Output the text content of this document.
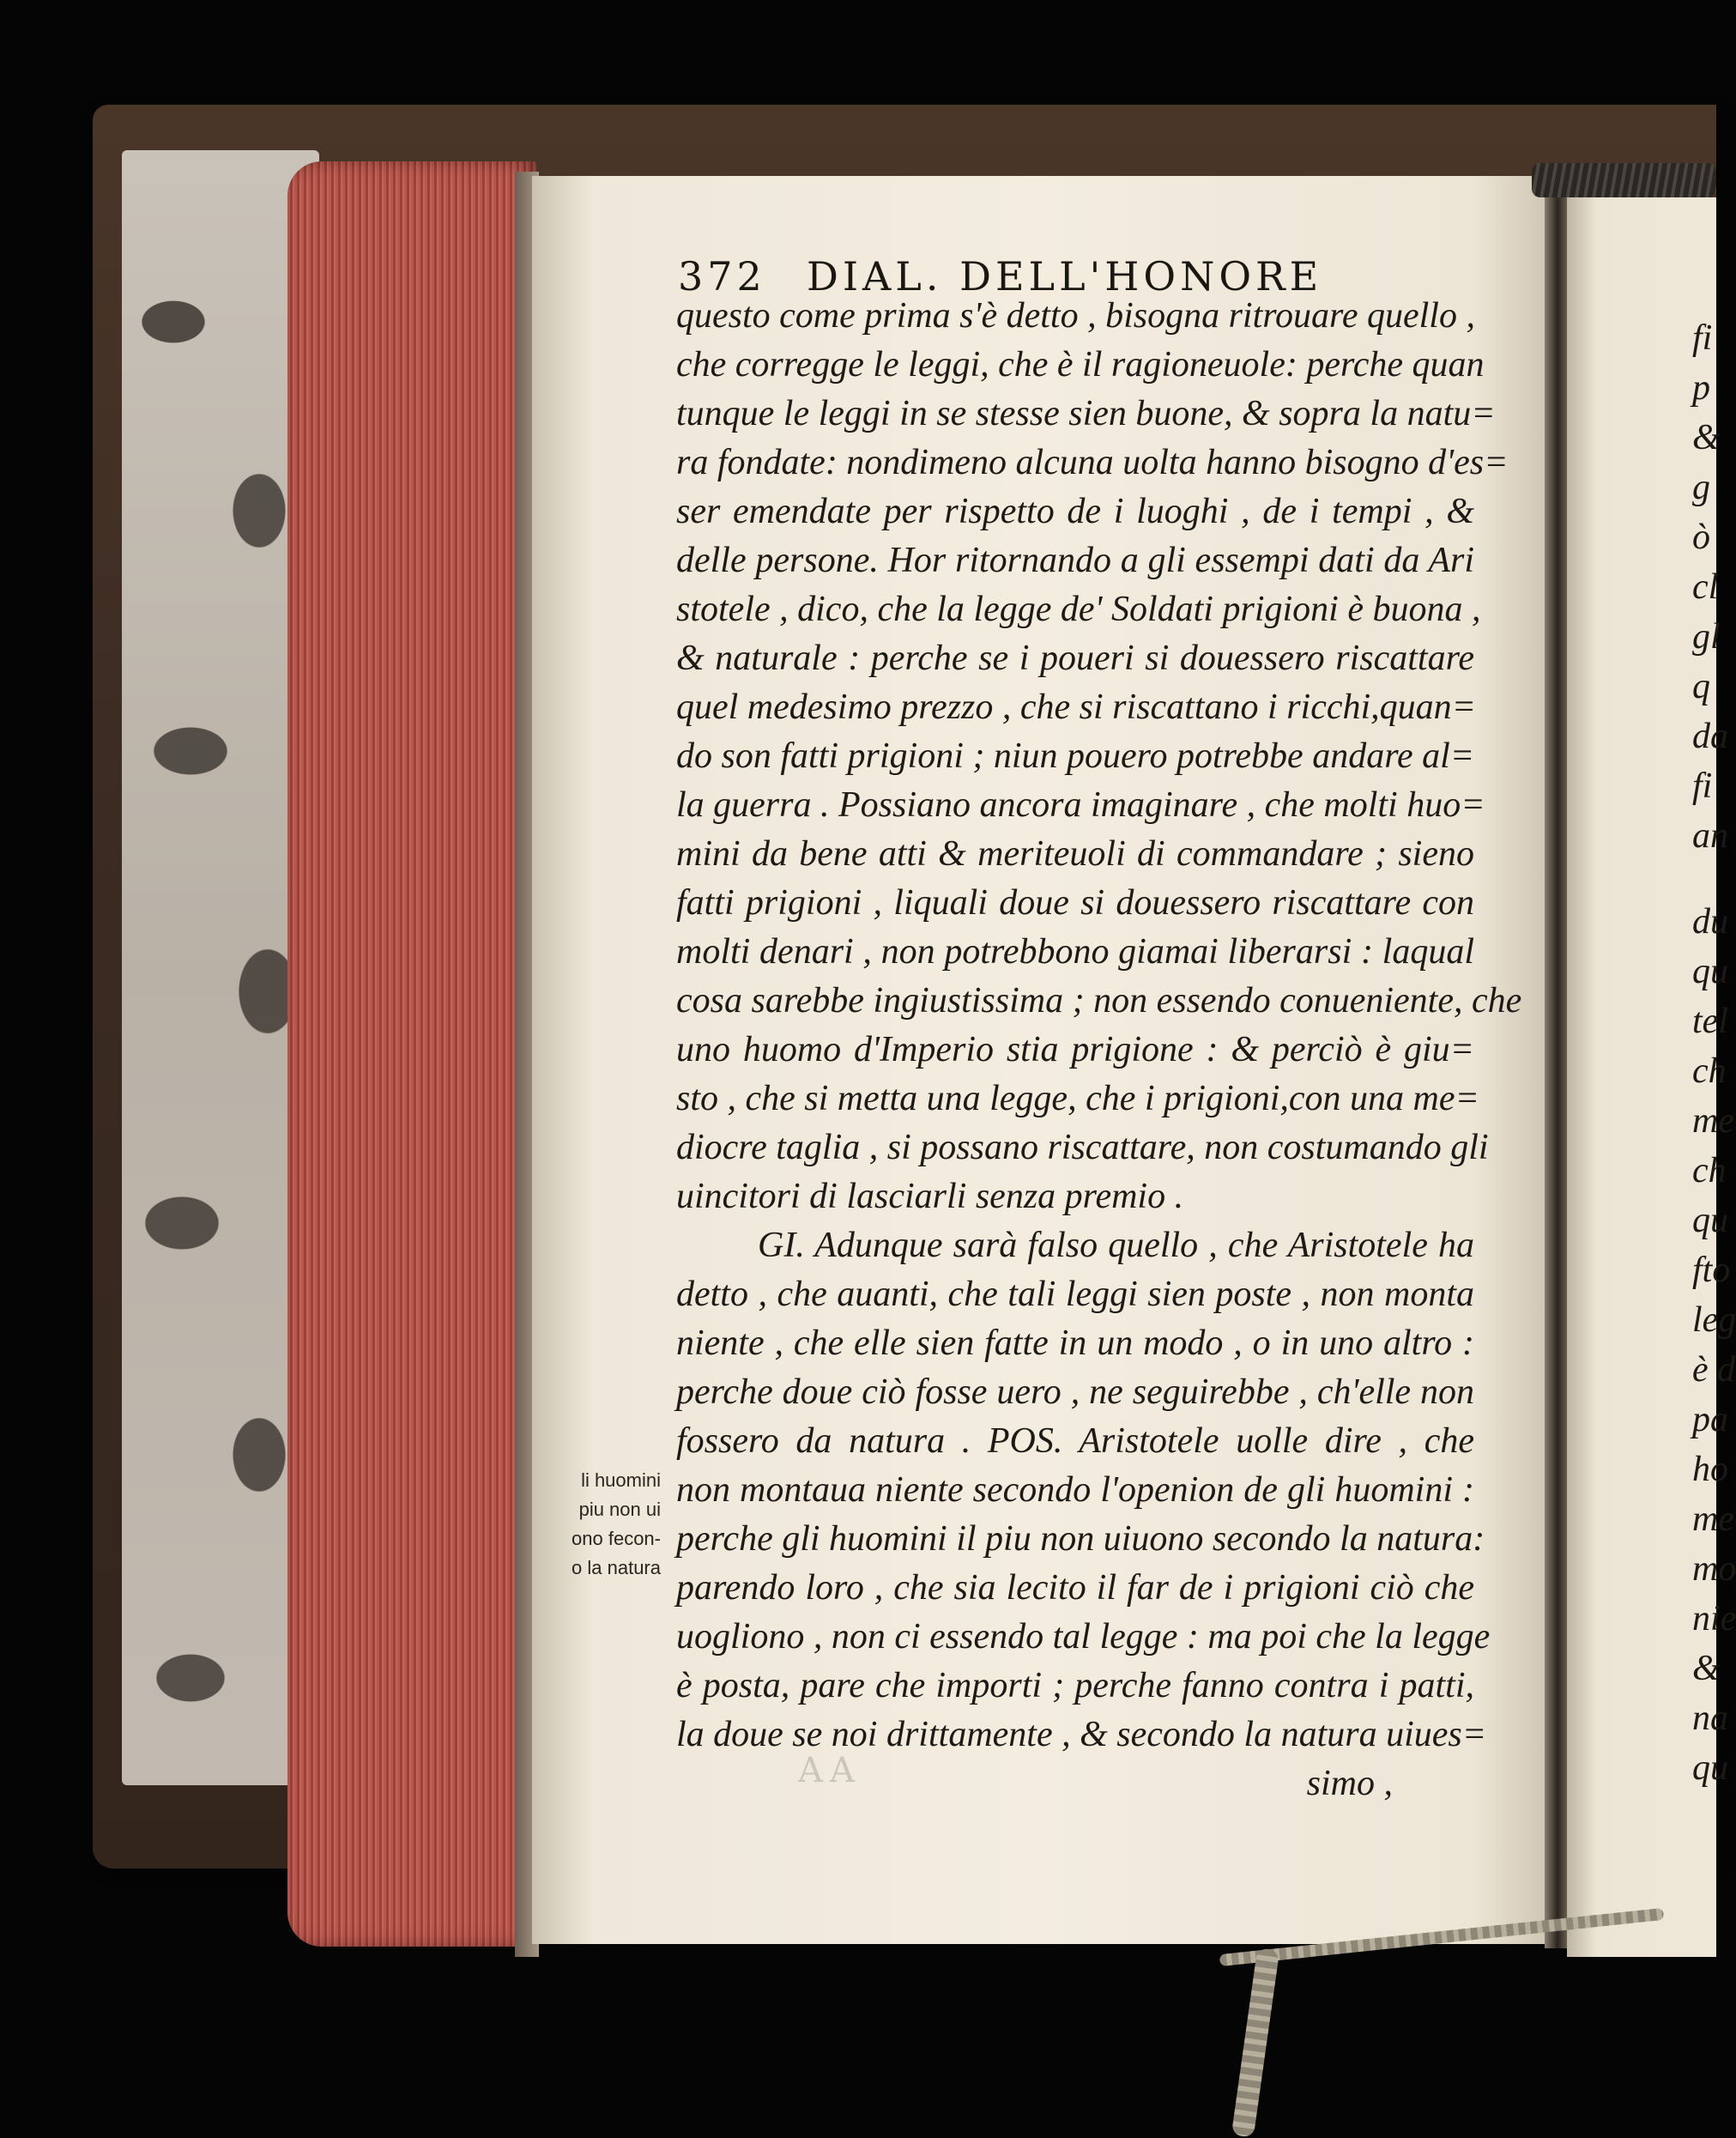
372 DIAL. DELL'HONORE
questo come prima s'è detto , bisogna ritrouare quello ,
che corregge le leggi, che è il ragioneuole: perche quan
tunque le leggi in se stesse sien buone, & sopra la natu=
ra fondate: nondimeno alcuna uolta hanno bisogno d'es=
ser emendate per rispetto de i luoghi , de i tempi , &
delle persone. Hor ritornando a gli essempi dati da Ari
stotele , dico, che la legge de' Soldati prigioni è buona ,
& naturale : perche se i poueri si douessero riscattare
quel medesimo prezzo , che si riscattano i ricchi,quan=
do son fatti prigioni ; niun pouero potrebbe andare al=
la guerra . Possiano ancora imaginare , che molti huo=
mini da bene atti & meriteuoli di commandare ; sieno
fatti prigioni , liquali doue si douessero riscattare con
molti denari , non potrebbono giamai liberarsi : laqual
cosa sarebbe ingiustissima ; non essendo conueniente, che
uno huomo d'Imperio stia prigione : & perciò è giu=
sto , che si metta una legge, che i prigioni,con una me=
diocre taglia , si possano riscattare, non costumando gli
uincitori di lasciarli senza premio .
GI. Adunque sarà falso quello , che Aristotele ha
detto , che auanti, che tali leggi sien poste , non monta
niente , che elle sien fatte in un modo , o in uno altro :
perche doue ciò fosse uero , ne seguirebbe , ch'elle non
fossero da natura . POS. Aristotele uolle dire , che
non montaua niente secondo l'openion de gli huomini :
perche gli huomini il piu non uiuono secondo la natura:
parendo loro , che sia lecito il far de i prigioni ciò che
uogliono , non ci essendo tal legge : ma poi che la legge
è posta, pare che importi ; perche fanno contra i patti,
la doue se noi drittamente , & secondo la natura uiues=
simo ,
li huomini
piu non ui
ono fecon-
o la natura
AA
fi
p
&
g
ò
cl
gl
q
da
fi
an
du
qu
tel
ch
me
ch
qu
fto
leg
è d
pa
ho
me
mo
nie
&
na
qu
